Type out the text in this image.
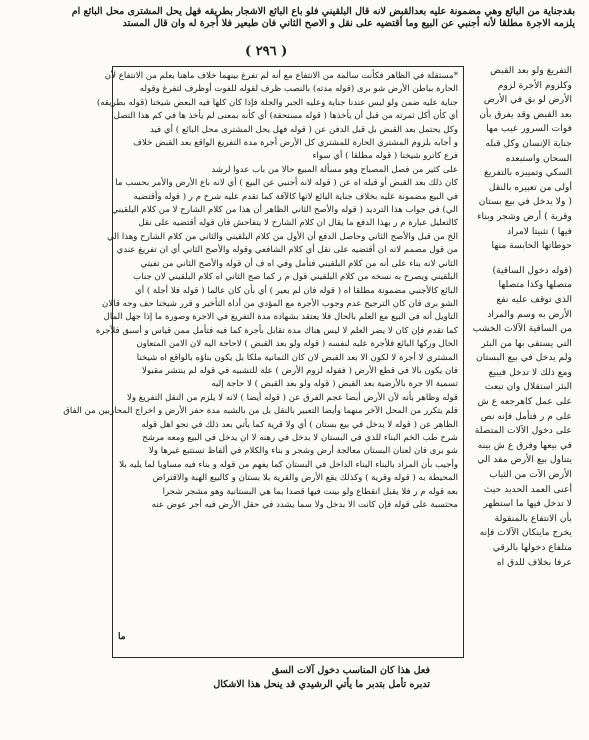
بقدجناية من البائع وهي مضمونة عليه بعدالقبض لانه قال البلقيني فلو باع البائع الاشجار بطريقه فهل يحل المشترى محل البائع ام
يلزمه الاجرة مطلقا لأنه أجنبي عن البيع وما أقتضيه على نقل و الاصح الثاني فان طبعير فلا أجرة له وان قال المستد
( ٢٩٦ )
*مستقلة في الظاهر فكأنت سالمة من الانتفاع مع أنه لم تفرغ بينهما خلاف ماهنا بعلم من الانتفاع لأن
الحارة بباطن الأرض شو برى (قوله مدته) بالنصب ظرف لقوله للفوت أوظرف لتفرغ وقوله
جناية عليه ضمن ولو ليس عندنا جناية وعليه الجبر والجلة فإذا كان كلها فيه البعض شيخنا (قوله بطريقه)
أي كأن أكل ثمرته من قبل أن يأخذها ( قوله مستحقة) أي كأنه بمعنى لم يأخذ ها في كم هذا التصل
وكل يحتمل بعد القبض بل قبل الدفن عن ( قوله فهل يحل المشترى محل البائع ) أي فيد
و أجابه بلزوم المشتري الحارة للمشتري كل الأرض أجرة مدة التفريغ الواقع بعد القبض خلاف
فرع كاترو شيخنا ( قوله مطلقا ) أي سواء
على كثير من فصل المصباح وهو مسألة المبيع حالا من باب عدوا لرشد
كان ذلك بعد القبض أو قبله اه عن ( قوله لانه أجنبي عن البيع ) أي لانه باع الأرض والأمر بحسب ما
في البيع مضمونة عليه بخلاف جناية البائع لانها كالآفة كما تقدم عليه شرح م ر ( قوله وأقتضيه
الي) في جواب هذا الترديد ( قوله والأصح الثاني الظاهر أن هذا من كلام الشارح لا من كلام البلقيني
كالتعليل عبارة م ر بهذا الدفع ما يقال ان كلام الشارح لا يتفاحش فان قوله أقتضيه على نقل
الخ من قبل والأصح الثاني وحاصل الدفع أن الأول من كلام البلقيني والثاني من كلام الشارح وهذا الي
من قول مصمم لانه ان أقتضيه على نقل أي كلام الشافعي وقوله والأصح الثاني أي ان تفريغ عندي
الثاني لانه بناء على أنه من كلام البلقيني فتأمل وفي اه ف أن قوله والأصح الثاني من تفيتي
البلقيني ويصرح به نسخه من كلام البلقيني قول م ر كما صح الثاني اه كلام البلقيني لان جناب
البائع كالأجنبي مضمونة مطلقا اه ( قوله فان لم يعير ) أي بأن كان عالما ( قوله فلا أجلة ) أي
الشو برى فان كان الترجيح عدم وجوب الأجرة مع المؤدي من أداة التأخير و قرر شيخنا حف وجه قالان
التاويل أنه في البيع مع العلم بالحال فلا يعتقد بشهادة مدة التفريغ في الاجرة وصورة ما إذا جهل المال
كما تقدم فإن كان لا يضر العلم لا ليس هناك مدة تقابل بأجرة كما فيه فتأمل ممن قياس و أسبق فلأجرة
الحال وركها البائع فلأجرة عليه لنفسه ( قوله ولو بعد القبض ) لاحاجة اليه لان الامن المتعاون
المشتري لا أجرة لا لكون الا بعد القبض لان كان التمانية ملكا بل يكون بناؤه بالواقع اه شيخنا
فان يكون بالا في قطع الأرض ( فقوله لزوم الأرض ) علة للتشبيه في قوله لم ينتشر مقبولا
تسمية الا جرة بالأرضية بعد القبض ( قوله ولو بعد القبض ) لا حاجة إليه
قوله وظاهر بأنه لأن الأرض أبضا عجم الفرق عن ( قوله أيضا ) لانه لا يلزم من النقل التفريغ ولا
فلم يتكرر من المحل الآخر منهما وأيضا التعبير بالنقل بل من بالشبه مدة حفر الأرض و اخراج المحاربين من الفاق
الظاهر عن ( قوله لا يدخل في بيع بستان ) أي ولا قرية كما يأتي بعد ذلك في نحو اهل قوله
شرح طب الخم البناء للذي في البستان لا بدخل في رهنه لا ان يدخل في البيع ومعه مرشح
شو برى فان لعنان البستان معالجة أرض وشجر و بناء والكلام في ألفاظ تستتبع غيرها ولا
وأجيب بأن المراد بالبناء البناء الداخل في البستان كما يفهم من قوله و بناء فيه مساويا لما يليه بلا
المحيطة به ( قوله وقرية ) وكذلك يقع الأرض والقرية بلا بستان و كالبيع الهبة والاقتراض
بعه قوله م ر فلا يقبل انقطاع ولو بينت فيها قصدا بما هي البستانية وهو مشجر شجرا
محتسبة على قوله فإن كانت الا بدخل ولا سما يشدد في حقل الأرض فيه أجر عوض عنه
التفريغ ولو بعد القبض
وكلزوم الأجرة لزوم
الأرض لو بق في الأرض
بعد القبض وقد يفرق بأن
فوات السرور عيب مها
جناية الإنسان وكل قبله
السحان واستبعده
السكي وتمييزه بالتفريغ
أولى من تعبيره بالنقل
( ولا يدخل في بيع بستان
وقرية ) أرض وشجر وبناء
فيها ) تثبيتا لامراد
حوطاتها الحابسة منها
(قوله دخول الساقية)
متصلها وكذا متصلها
الذي توقف عليه نفع
الأرض به وسم والمراد
من الساقية الآلات الخشب
التي يستقى بها من البئر
ولم يدخل في بيع البستان
ومع ذلك لا تدخل فيبيع
البئر استقلال وان تبعت
على عمل كاهرجعه ع ش
على م ر فتأمل فإنه نص
على دخول الآلات المتصلة
في بيعها وفرق ع ش بينه
يتناول بيع الأرض مقد الي
الأرض الآت من الثياب
أعنى العمد الحديد حيث
لا تدخل فيها ما استظهر
بأن الانتفاع بالمنقولة
يخرج ماينكان الآلات فإنه
متلفاع دخولها بالرقي
عرفا بخلاف للدق اه
ما
فعل هذا كان المناسب دخول آلات السق
تدبره تأمل بتدبر ما يأتي الرشيدي قد ينحل هذا الاشكال
